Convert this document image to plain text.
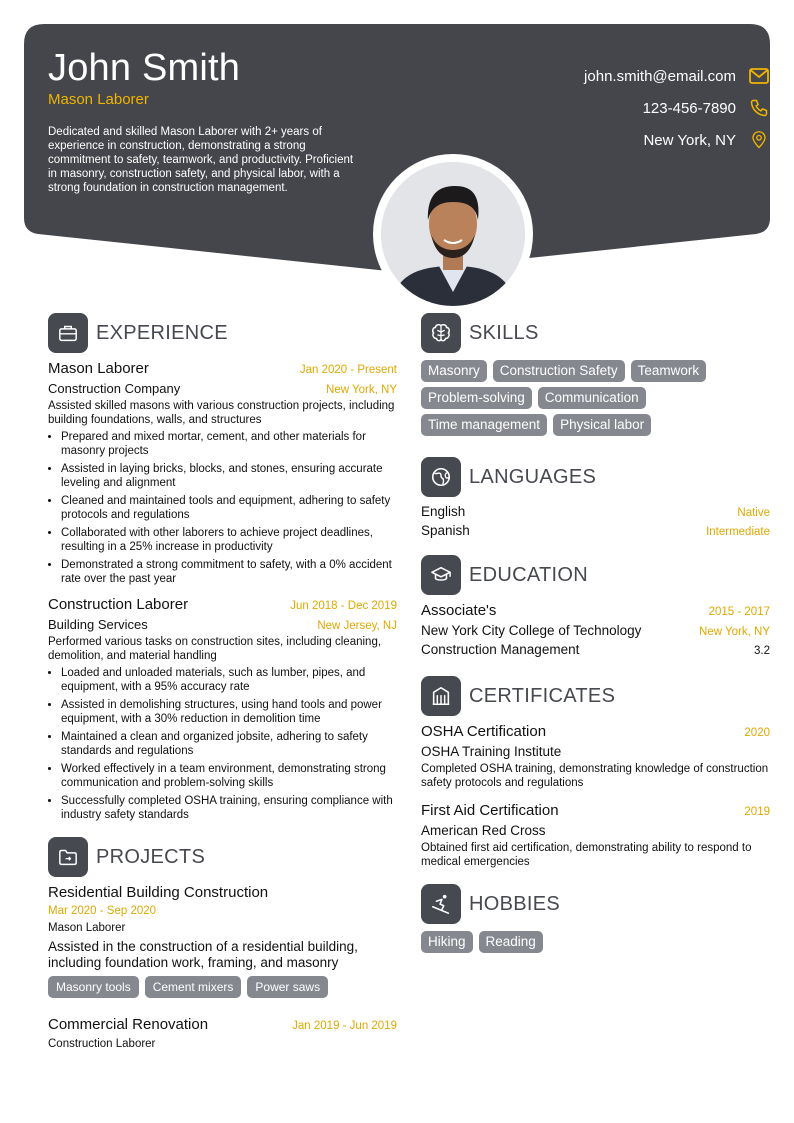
John Smith
Mason Laborer
Dedicated and skilled Mason Laborer with 2+ years of experience in construction, demonstrating a strong commitment to safety, teamwork, and productivity. Proficient in masonry, construction safety, and physical labor, with a strong foundation in construction management.
john.smith@email.com
123-456-7890
New York, NY
EXPERIENCE
Mason Laborer	Jan 2020 - Present
Construction Company	New York, NY
Assisted skilled masons with various construction projects, including building foundations, walls, and structures
• Prepared and mixed mortar, cement, and other materials for masonry projects
• Assisted in laying bricks, blocks, and stones, ensuring accurate leveling and alignment
• Cleaned and maintained tools and equipment, adhering to safety protocols and regulations
• Collaborated with other laborers to achieve project deadlines, resulting in a 25% increase in productivity
• Demonstrated a strong commitment to safety, with a 0% accident rate over the past year
Construction Laborer	Jun 2018 - Dec 2019
Building Services	New Jersey, NJ
Performed various tasks on construction sites, including cleaning, demolition, and material handling
• Loaded and unloaded materials, such as lumber, pipes, and equipment, with a 95% accuracy rate
• Assisted in demolishing structures, using hand tools and power equipment, with a 30% reduction in demolition time
• Maintained a clean and organized jobsite, adhering to safety standards and regulations
• Worked effectively in a team environment, demonstrating strong communication and problem-solving skills
• Successfully completed OSHA training, ensuring compliance with industry safety standards
PROJECTS
Residential Building Construction
Mar 2020 - Sep 2020
Mason Laborer
Assisted in the construction of a residential building, including foundation work, framing, and masonry
Masonry tools	Cement mixers	Power saws
Commercial Renovation	Jan 2019 - Jun 2019
Construction Laborer
SKILLS
Masonry	Construction Safety	Teamwork
Problem-solving	Communication
Time management	Physical labor
LANGUAGES
English	Native
Spanish	Intermediate
EDUCATION
Associate's	2015 - 2017
New York City College of Technology	New York, NY
Construction Management	3.2
CERTIFICATES
OSHA Certification	2020
OSHA Training Institute
Completed OSHA training, demonstrating knowledge of construction safety protocols and regulations
First Aid Certification	2019
American Red Cross
Obtained first aid certification, demonstrating ability to respond to medical emergencies
HOBBIES
Hiking	Reading
